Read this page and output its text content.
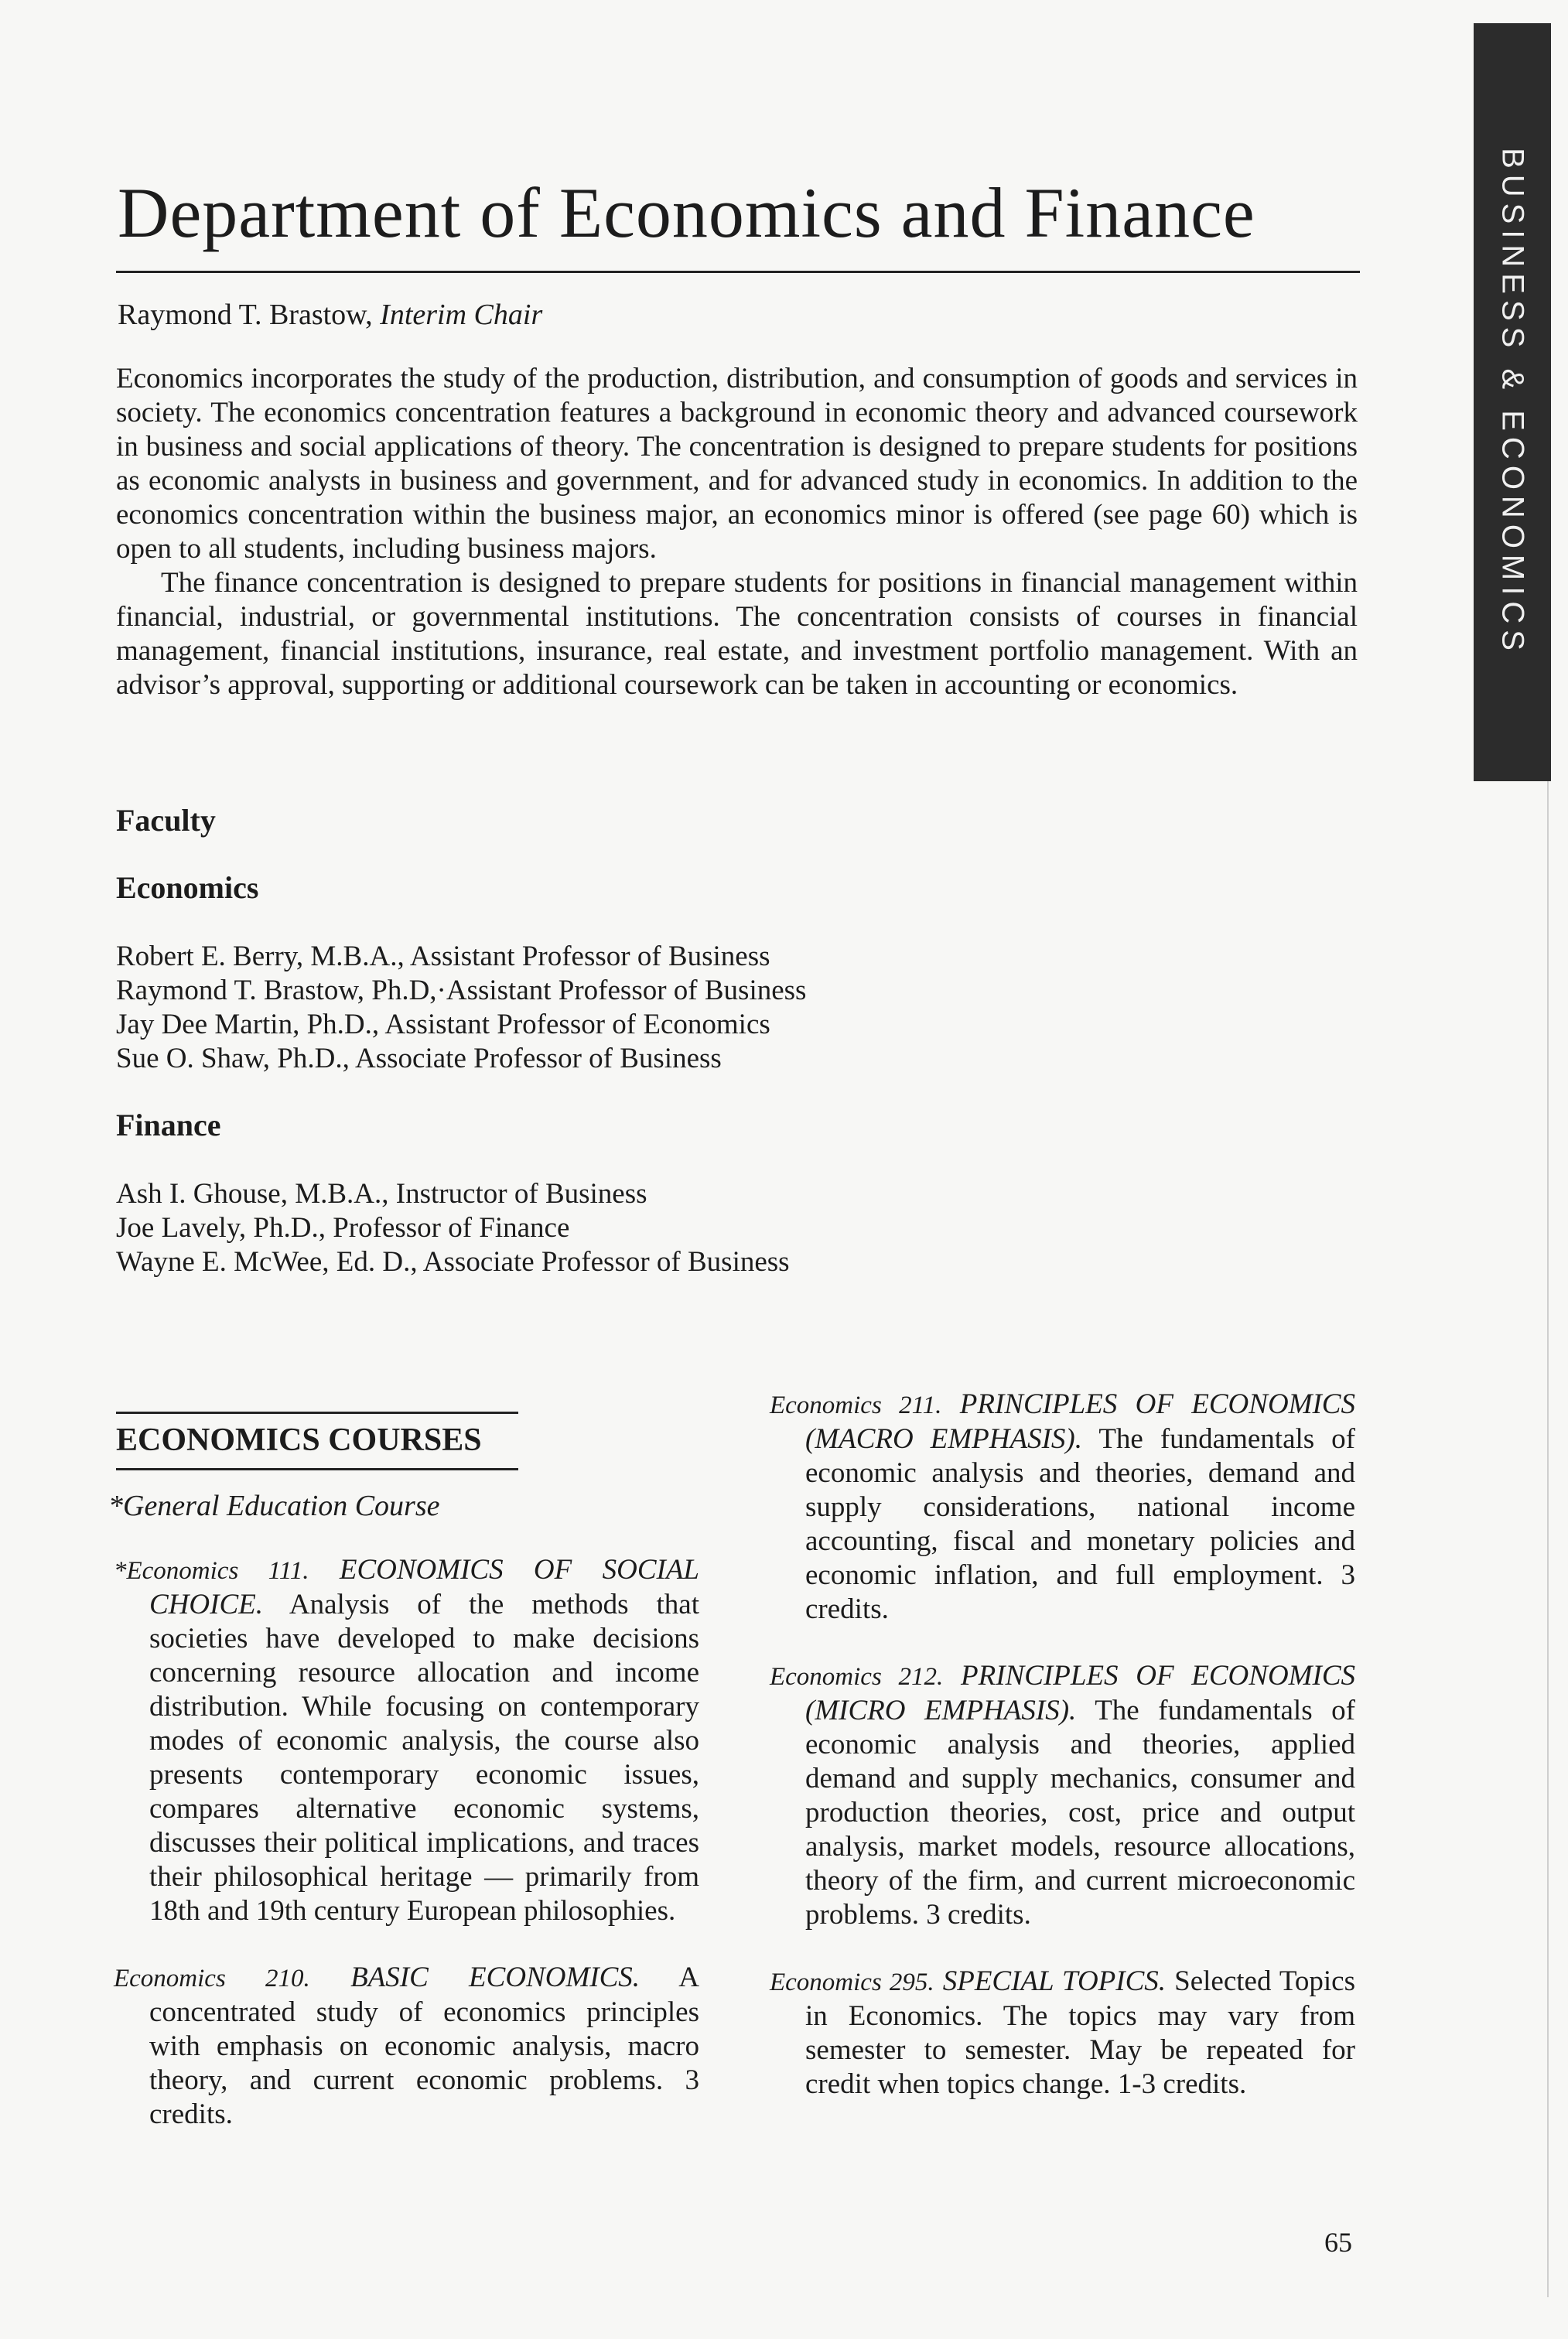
BUSINESS & ECONOMICS
Department of Economics and Finance
Raymond T. Brastow, Interim Chair

Economics incorporates the study of the production, distribution, and consumption of goods and services in society. The economics concentration features a background in economic theory and advanced coursework in business and social applications of theory. The concentration is designed to prepare students for positions as economic analysts in business and government, and for advanced study in economics. In addition to the economics concentration within the business major, an economics minor is offered (see page 60) which is open to all students, including business majors.

The finance concentration is designed to prepare students for positions in financial management within financial, industrial, or governmental institutions. The concentration consists of courses in financial management, financial institutions, insurance, real estate, and investment portfolio management. With an advisor’s approval, supporting or additional coursework can be taken in accounting or economics.

Faculty
Economics
Robert E. Berry, M.B.A., Assistant Professor of Business
Raymond T. Brastow, Ph.D,·Assistant Professor of Business
Jay Dee Martin, Ph.D., Assistant Professor of Economics
Sue O. Shaw, Ph.D., Associate Professor of Business
Finance
Ash I. Ghouse, M.B.A., Instructor of Business
Joe Lavely, Ph.D., Professor of Finance
Wayne E. McWee, Ed. D., Associate Professor of Business
ECONOMICS COURSES
*General Education Course

*Economics 111. ECONOMICS OF SOCIAL CHOICE. Analysis of the methods that societies have developed to make decisions concerning resource allocation and income distribution. While focusing on contemporary modes of economic analysis, the course also presents contemporary economic issues, compares alternative economic systems, discusses their political implications, and traces their philosophical heritage — primarily from 18th and 19th century European philosophies.

Economics 210. BASIC ECONOMICS. A concentrated study of economics principles with emphasis on economic analysis, macro theory, and current economic problems. 3 credits.

Economics 211. PRINCIPLES OF ECONOMICS (MACRO EMPHASIS). The fundamentals of economic analysis and theories, demand and supply considerations, national income accounting, fiscal and monetary policies and economic inflation, and full employment. 3 credits.

Economics 212. PRINCIPLES OF ECONOMICS (MICRO EMPHASIS). The fundamentals of economic analysis and theories, applied demand and supply mechanics, consumer and production theories, cost, price and output analysis, market models, resource allocations, theory of the firm, and current microeconomic problems. 3 credits.

Economics 295. SPECIAL TOPICS. Selected Topics in Economics. The topics may vary from semester to semester. May be repeated for credit when topics change. 1-3 credits.

65
